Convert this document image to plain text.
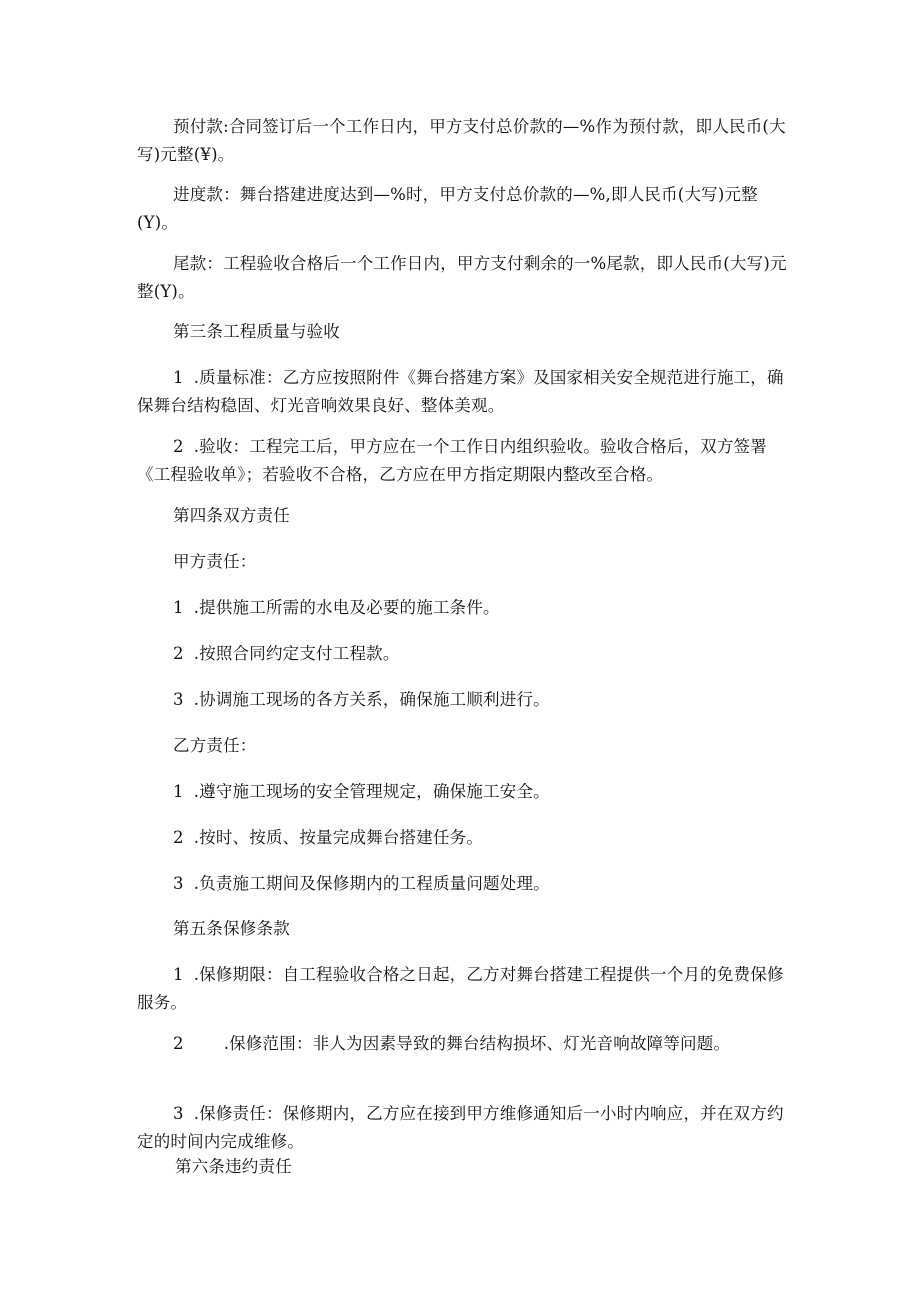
预付款:合同签订后一个工作日内，甲方支付总价款的—%作为预付款，即人民币(大写)元整(¥)。
进度款：舞台搭建进度达到—%时，甲方支付总价款的—%,即人民币(大写)元整(Y)。
尾款：工程验收合格后一个工作日内，甲方支付剩余的一%尾款，即人民币(大写)元整(Y)。
第三条工程质量与验收
1 .质量标准：乙方应按照附件《舞台搭建方案》及国家相关安全规范进行施工，确保舞台结构稳固、灯光音响效果良好、整体美观。
2 .验收：工程完工后，甲方应在一个工作日内组织验收。验收合格后，双方签署《工程验收单》；若验收不合格，乙方应在甲方指定期限内整改至合格。
第四条双方责任
甲方责任：
1 .提供施工所需的水电及必要的施工条件。
2 .按照合同约定支付工程款。
3 .协调施工现场的各方关系，确保施工顺利进行。
乙方责任：
1 .遵守施工现场的安全管理规定，确保施工安全。
2 .按时、按质、按量完成舞台搭建任务。
3 .负责施工期间及保修期内的工程质量问题处理。
第五条保修条款
1 .保修期限：自工程验收合格之日起，乙方对舞台搭建工程提供一个月的免费保修服务。
2 .保修范围：非人为因素导致的舞台结构损坏、灯光音响故障等问题。
3 .保修责任：保修期内，乙方应在接到甲方维修通知后一小时内响应，并在双方约定的时间内完成维修。
第六条违约责任
